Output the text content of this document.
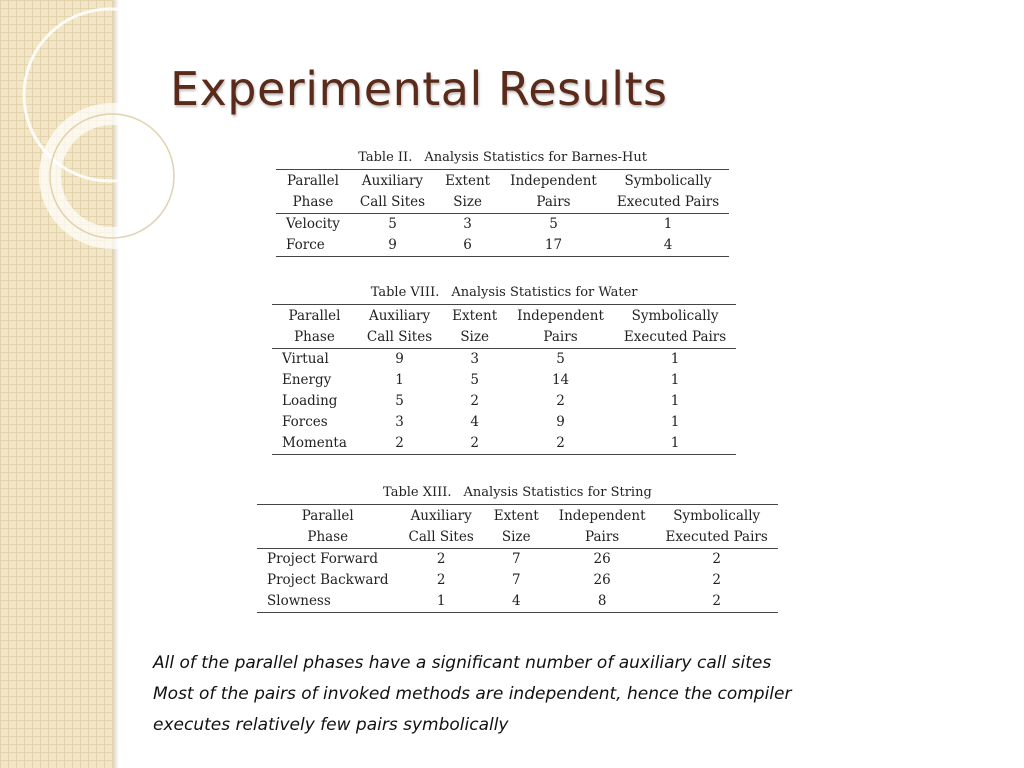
Experimental Results
Table II. Analysis Statistics for Barnes-Hut
Parallel	Auxiliary	Extent	Independent	Symbolically
Phase	Call Sites	Size	Pairs	Executed Pairs
Velocity	5	3	5	1
Force	9	6	17	4
Table VIII. Analysis Statistics for Water
Parallel	Auxiliary	Extent	Independent	Symbolically
Phase	Call Sites	Size	Pairs	Executed Pairs
Virtual	9	3	5	1
Energy	1	5	14	1
Loading	5	2	2	1
Forces	3	4	9	1
Momenta	2	2	2	1
Table XIII. Analysis Statistics for String
Parallel	Auxiliary	Extent	Independent	Symbolically
Phase	Call Sites	Size	Pairs	Executed Pairs
Project Forward	2	7	26	2
Project Backward	2	7	26	2
Slowness	1	4	8	2

All of the parallel phases have a significant number of auxiliary call sites

Most of the pairs of invoked methods are independent, hence the compiler

executes relatively few pairs symbolically
